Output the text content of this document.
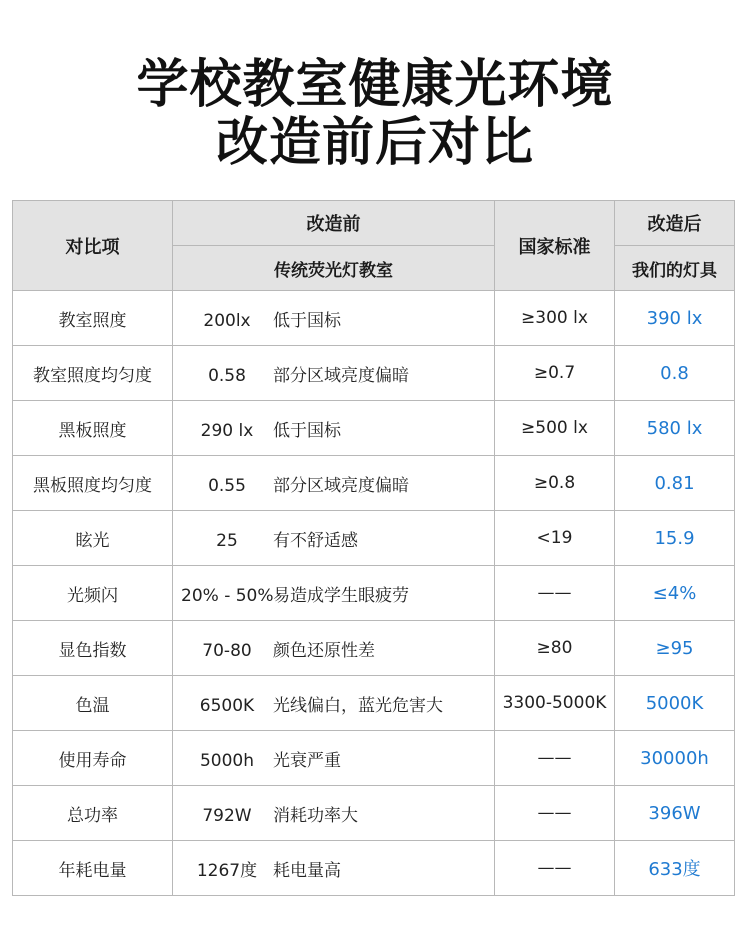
学校教室健康光环境
改造前后对比
对比项	改造前	国家标准	改造后
	传统荧光灯教室		我们的灯具
教室照度	200lx 低于国标	≥300 lx	390 lx
教室照度均匀度	0.58 部分区域亮度偏暗	≥0.7	0.8
黑板照度	290 lx 低于国标	≥500 lx	580 lx
黑板照度均匀度	0.55 部分区域亮度偏暗	≥0.8	0.81
眩光	25 有不舒适感	<19	15.9
光频闪	20% - 50%易造成学生眼疲劳	——	≤4%
显色指数	70-80 颜色还原性差	≥80	≥95
色温	6500K 光线偏白，蓝光危害大	3300-5000K	5000K
使用寿命	5000h 光衰严重	——	30000h
总功率	792W 消耗功率大	——	396W
年耗电量	1267度 耗电量高	——	633度
